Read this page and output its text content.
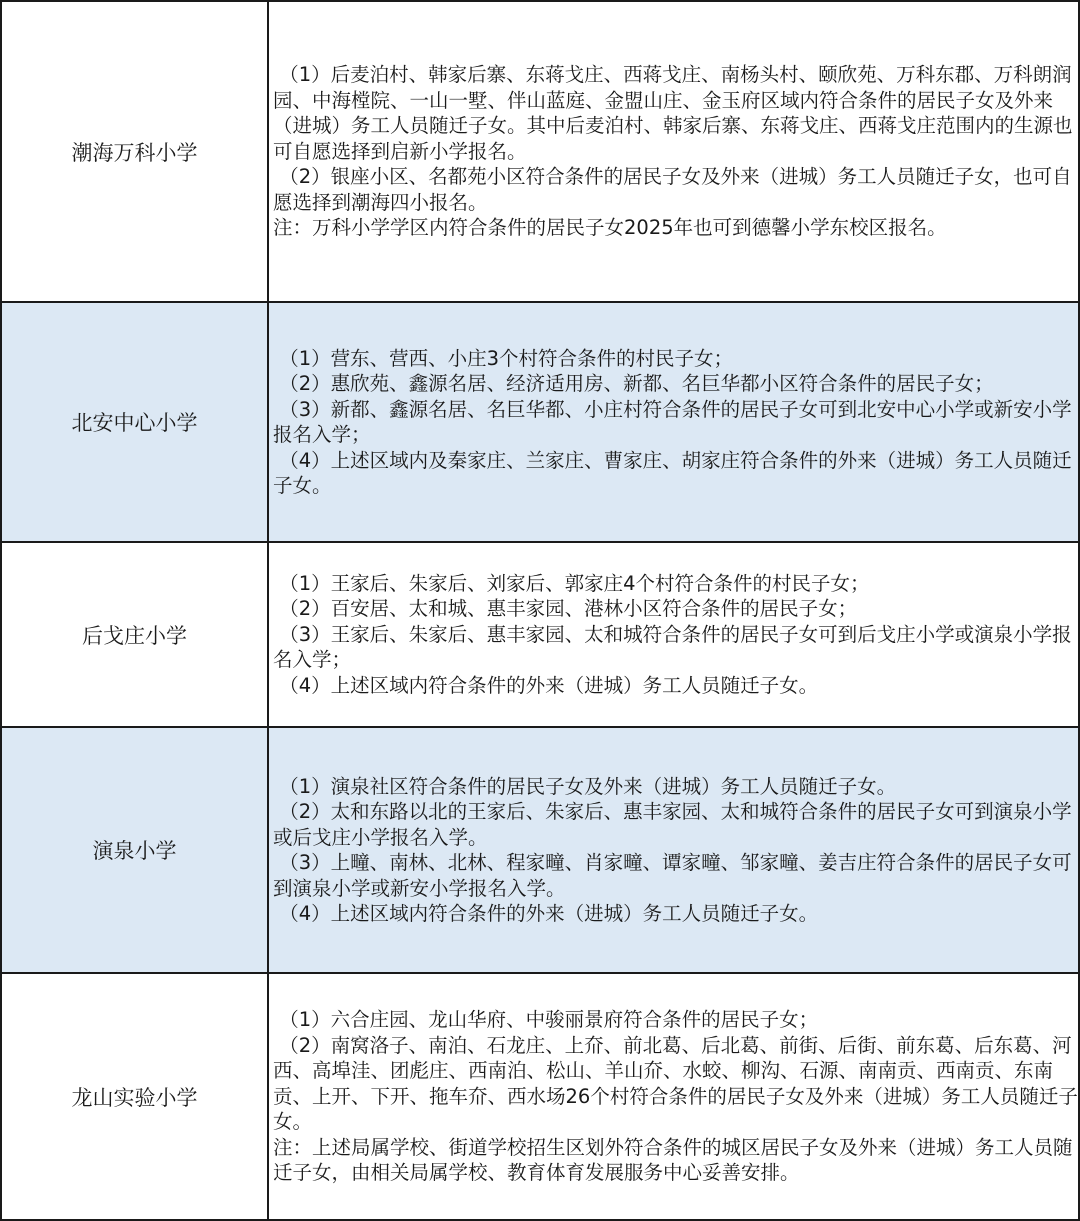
潮海万科小学	（1）后麦泊村、韩家后寨、东蒋戈庄、西蒋戈庄、南杨头村、颐欣苑、万科东郡、万科朗润园、中海樘院、一山一墅、伴山蓝庭、金盟山庄、金玉府区域内符合条件的居民子女及外来（进城）务工人员随迁子女。其中后麦泊村、韩家后寨、东蒋戈庄、西蒋戈庄范围内的生源也可自愿选择到启新小学报名。
（2）银座小区、名都苑小区符合条件的居民子女及外来（进城）务工人员随迁子女，也可自愿选择到潮海四小报名。
注：万科小学学区内符合条件的居民子女2025年也可到德馨小学东校区报名。

北安中心小学	（1）营东、营西、小庄3个村符合条件的村民子女；
（2）惠欣苑、鑫源名居、经济适用房、新都、名巨华都小区符合条件的居民子女；
（3）新都、鑫源名居、名巨华都、小庄村符合条件的居民子女可到北安中心小学或新安小学报名入学；
（4）上述区域内及秦家庄、兰家庄、曹家庄、胡家庄符合条件的外来（进城）务工人员随迁子女。

后戈庄小学	（1）王家后、朱家后、刘家后、郭家庄4个村符合条件的村民子女；
（2）百安居、太和城、惠丰家园、港林小区符合条件的居民子女；
（3）王家后、朱家后、惠丰家园、太和城符合条件的居民子女可到后戈庄小学或演泉小学报名入学；
（4）上述区域内符合条件的外来（进城）务工人员随迁子女。

演泉小学	（1）演泉社区符合条件的居民子女及外来（进城）务工人员随迁子女。
（2）太和东路以北的王家后、朱家后、惠丰家园、太和城符合条件的居民子女可到演泉小学或后戈庄小学报名入学。
（3）上疃、南林、北林、程家疃、肖家疃、谭家疃、邹家疃、姜吉庄符合条件的居民子女可到演泉小学或新安小学报名入学。
（4）上述区域内符合条件的外来（进城）务工人员随迁子女。

龙山实验小学	（1）六合庄园、龙山华府、中骏丽景府符合条件的居民子女；
（2）南窝洛子、南泊、石龙庄、上夼、前北葛、后北葛、前街、后街、前东葛、后东葛、河西、高埠洼、团彪庄、西南泊、松山、羊山夼、水蛟、柳沟、石源、南南贡、西南贡、东南贡、上开、下开、拖车夼、西水场26个村符合条件的居民子女及外来（进城）务工人员随迁子女。
注：上述局属学校、街道学校招生区划外符合条件的城区居民子女及外来（进城）务工人员随迁子女，由相关局属学校、教育体育发展服务中心妥善安排。
